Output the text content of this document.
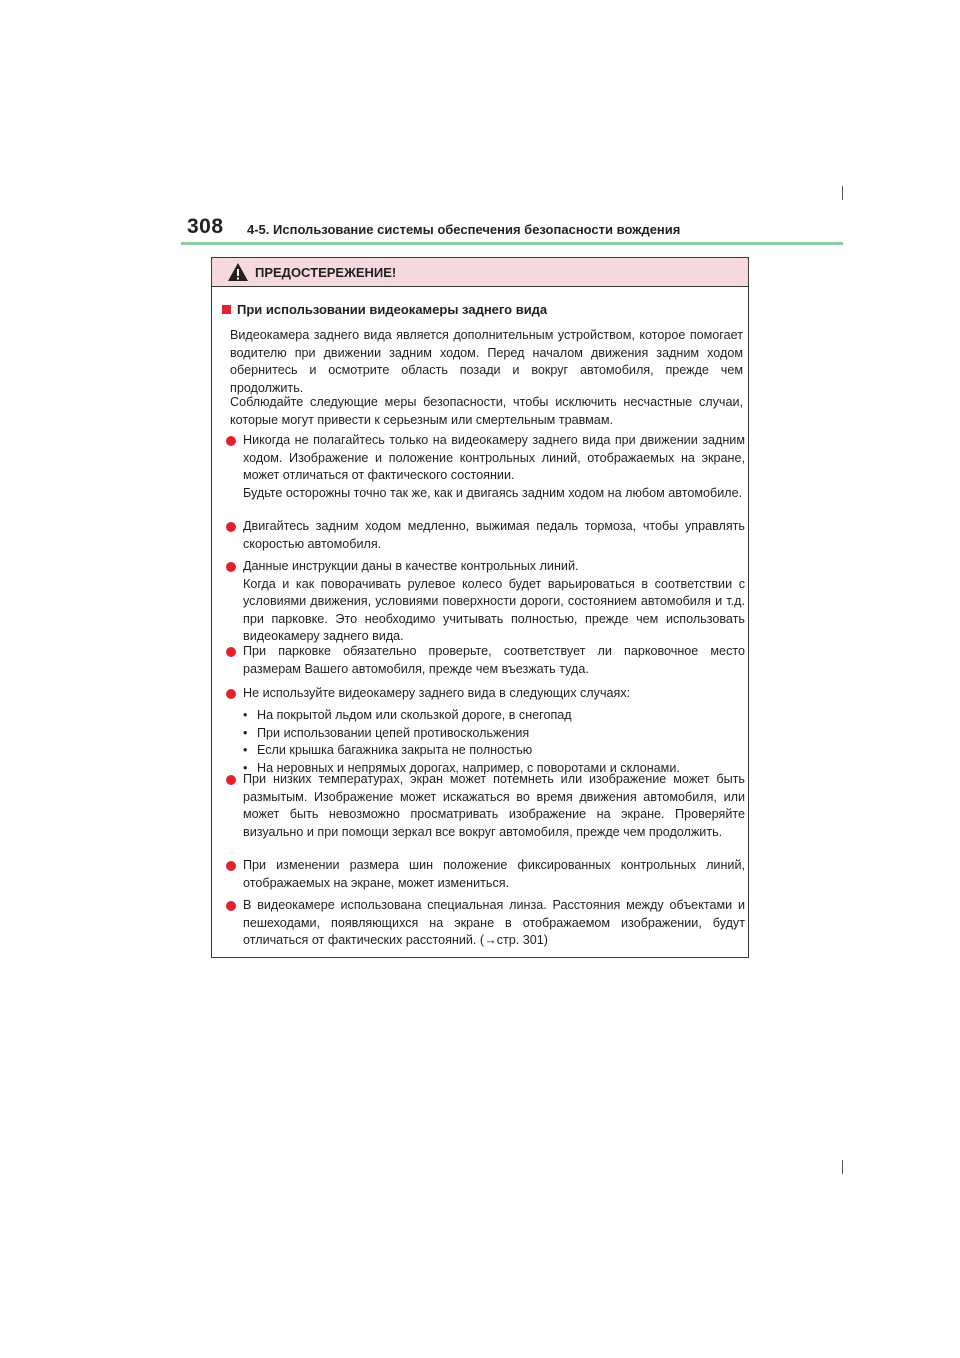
308 4-5. Использование системы обеспечения безопасности вождения
ПРЕДОСТЕРЕЖЕНИЕ!
При использовании видеокамеры заднего вида
Видеокамера заднего вида является дополнительным устройством, которое помогает водителю при движении задним ходом. Перед началом движения задним ходом обернитесь и осмотрите область позади и вокруг автомобиля, прежде чем продолжить.
Соблюдайте следующие меры безопасности, чтобы исключить несчастные случаи, которые могут привести к серьезным или смертельным травмам.
Никогда не полагайтесь только на видеокамеру заднего вида при движении задним ходом. Изображение и положение контрольных линий, отображаемых на экране, может отличаться от фактического состоянии.
Будьте осторожны точно так же, как и двигаясь задним ходом на любом автомобиле.
Двигайтесь задним ходом медленно, выжимая педаль тормоза, чтобы управлять скоростью автомобиля.
Данные инструкции даны в качестве контрольных линий.
Когда и как поворачивать рулевое колесо будет варьироваться в соответствии с условиями движения, условиями поверхности дороги, состоянием автомобиля и т.д. при парковке. Это необходимо учитывать полностью, прежде чем использовать видеокамеру заднего вида.
При парковке обязательно проверьте, соответствует ли парковочное место размерам Вашего автомобиля, прежде чем въезжать туда.
Не используйте видеокамеру заднего вида в следующих случаях:
• На покрытой льдом или скользкой дороге, в снегопад
• При использовании цепей противоскольжения
• Если крышка багажника закрыта не полностью
• На неровных и непрямых дорогах, например, с поворотами и склонами.
При низких температурах, экран может потемнеть или изображение может быть размытым. Изображение может искажаться во время движения автомобиля, или может быть невозможно просматривать изображение на экране. Проверяйте визуально и при помощи зеркал все вокруг автомобиля, прежде чем продолжить.
При изменении размера шин положение фиксированных контрольных линий, отображаемых на экране, может измениться.
В видеокамере использована специальная линза. Расстояния между объектами и пешеходами, появляющихся на экране в отображаемом изображении, будут отличаться от фактических расстояний. (→стр. 301)
